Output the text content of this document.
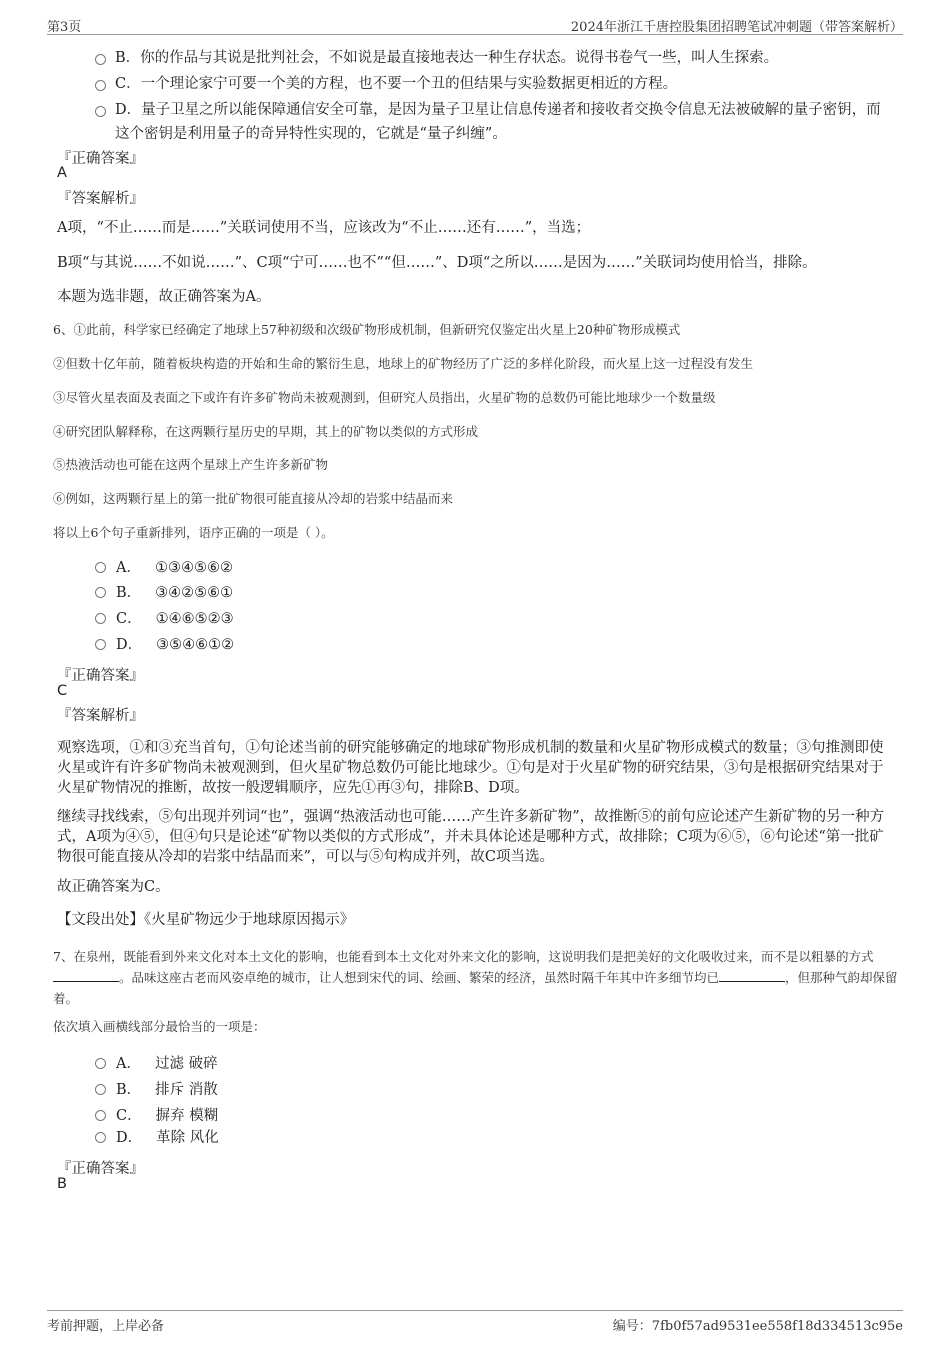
第3页	2024年浙江千唐控股集团招聘笔试冲刺题（带答案解析）
B．你的作品与其说是批判社会，不如说是最直接地表达一种生存状态。说得书卷气一些，叫人生探索。
C．一个理论家宁可要一个美的方程，也不要一个丑的但结果与实验数据更相近的方程。
D．量子卫星之所以能保障通信安全可靠，是因为量子卫星让信息传递者和接收者交换令信息无法被破解的量子密钥，而这个密钥是利用量子的奇异特性实现的，它就是“量子纠缠”。
『正确答案』
A
『答案解析』
A项，“不止……而是……”关联词使用不当，应该改为“不止……还有……”，当选；
B项“与其说……不如说……”、C项“宁可……也不”“但……”、D项“之所以……是因为……”关联词均使用恰当，排除。
本题为选非题，故正确答案为A。
6、①此前，科学家已经确定了地球上57种初级和次级矿物形成机制，但新研究仅鉴定出火星上20种矿物形成模式
②但数十亿年前，随着板块构造的开始和生命的繁衍生息，地球上的矿物经历了广泛的多样化阶段，而火星上这一过程没有发生
③尽管火星表面及表面之下或许有许多矿物尚未被观测到，但研究人员指出，火星矿物的总数仍可能比地球少一个数量级
④研究团队解释称，在这两颗行星历史的早期，其上的矿物以类似的方式形成
⑤热液活动也可能在这两个星球上产生许多新矿物
⑥例如，这两颗行星上的第一批矿物很可能直接从冷却的岩浆中结晶而来
将以上6个句子重新排列，语序正确的一项是（ ）。
A． ①③④⑤⑥②
B． ③④②⑤⑥①
C． ①④⑥⑤②③
D． ③⑤④⑥①②
『正确答案』
C
『答案解析』
观察选项，①和③充当首句，①句论述当前的研究能够确定的地球矿物形成机制的数量和火星矿物形成模式的数量；③句推测即使火星或许有许多矿物尚未被观测到，但火星矿物总数仍可能比地球少。①句是对于火星矿物的研究结果，③句是根据研究结果对于火星矿物情况的推断，故按一般逻辑顺序，应先①再③句，排除B、D项。
继续寻找线索，⑤句出现并列词“也”，强调“热液活动也可能……产生许多新矿物”，故推断⑤的前句应论述产生新矿物的另一种方式，A项为④⑤，但④句只是论述“矿物以类似的方式形成”，并未具体论述是哪种方式，故排除；C项为⑥⑤，⑥句论述“第一批矿物很可能直接从冷却的岩浆中结晶而来”，可以与⑤句构成并列，故C项当选。
故正确答案为C。
【文段出处】《火星矿物远少于地球原因揭示》
7、在泉州，既能看到外来文化对本土文化的影响，也能看到本土文化对外来文化的影响，这说明我们是把美好的文化吸收过来，而不是以粗暴的方式。品味这座古老而风姿卓绝的城市，让人想到宋代的词、绘画、繁荣的经济，虽然时隔千年其中许多细节均已	，但那种气韵却保留着。
依次填入画横线部分最恰当的一项是：
A． 过滤 破碎
B． 排斥 消散
C． 摒弃 模糊
D． 革除 风化
『正确答案』
B
考前押题，上岸必备	编号：7fb0f57ad9531ee558f18d334513c95e
